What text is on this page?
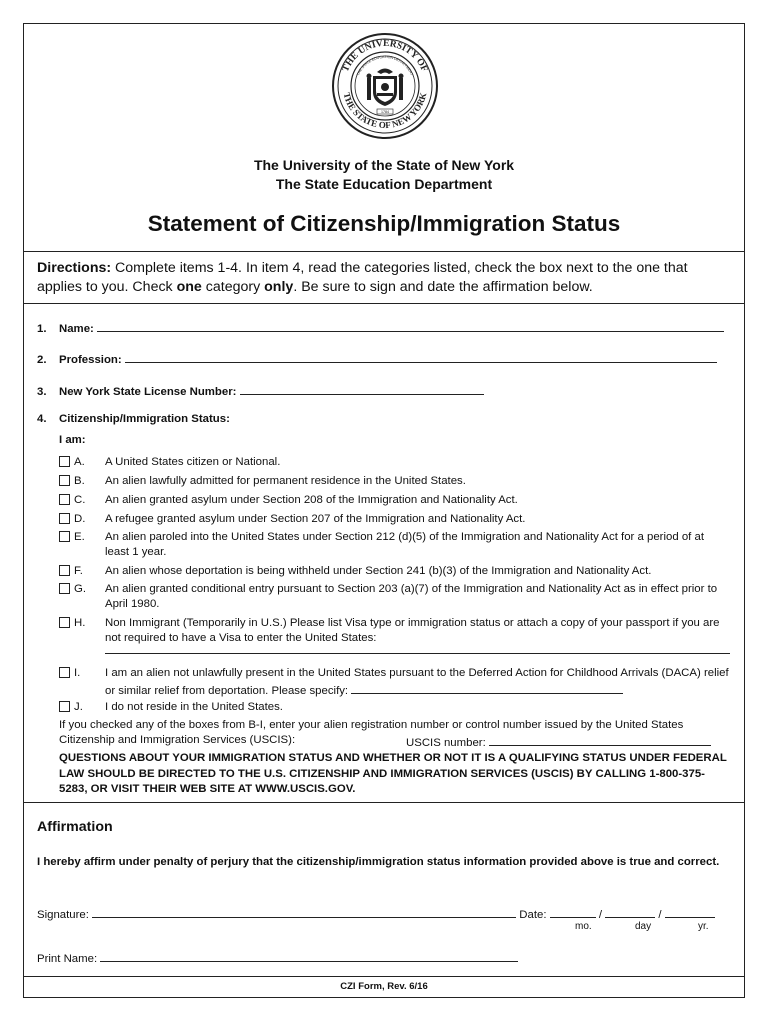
THE UNIVERSITY OF
THE STATE OF NEW YORK
THE STATE EDUCATION DEPARTMENT
1784
The University of the State of New York
The State Education Department
Statement of Citizenship/Immigration Status
Directions: Complete items 1-4. In item 4, read the categories listed, check the box next to the one that applies to you. Check one category only. Be sure to sign and date the affirmation below.
1. Name:
2. Profession:
3. New York State License Number:
4. Citizenship/Immigration Status:
I am:
A. A United States citizen or National.
B. An alien lawfully admitted for permanent residence in the United States.
C. An alien granted asylum under Section 208 of the Immigration and Nationality Act.
D. A refugee granted asylum under Section 207 of the Immigration and Nationality Act.
E. An alien paroled into the United States under Section 212 (d)(5) of the Immigration and Nationality Act for a period of at least 1 year.
F. An alien whose deportation is being withheld under Section 241 (b)(3) of the Immigration and Nationality Act.
G. An alien granted conditional entry pursuant to Section 203 (a)(7) of the Immigration and Nationality Act as in effect prior to April 1980.
H. Non Immigrant (Temporarily in U.S.) Please list Visa type or immigration status or attach a copy of your passport if you are not required to have a Visa to enter the United States:
I. I am an alien not unlawfully present in the United States pursuant to the Deferred Action for Childhood Arrivals (DACA) relief or similar relief from deportation. Please specify:
J. I do not reside in the United States.
If you checked any of the boxes from B-I, enter your alien registration number or control number issued by the United States Citizenship and Immigration Services (USCIS):	USCIS number:
QUESTIONS ABOUT YOUR IMMIGRATION STATUS AND WHETHER OR NOT IT IS A QUALIFYING STATUS UNDER FEDERAL LAW SHOULD BE DIRECTED TO THE U.S. CITIZENSHIP AND IMMIGRATION SERVICES (USCIS) BY CALLING 1-800-375-5283, OR VISIT THEIR WEB SITE AT WWW.USCIS.GOV.
Affirmation
I hereby affirm under penalty of perjury that the citizenship/immigration status information provided above is true and correct.
Signature:	Date:	/	/
mo.	day	yr.
Print Name:
CZI Form, Rev. 6/16
